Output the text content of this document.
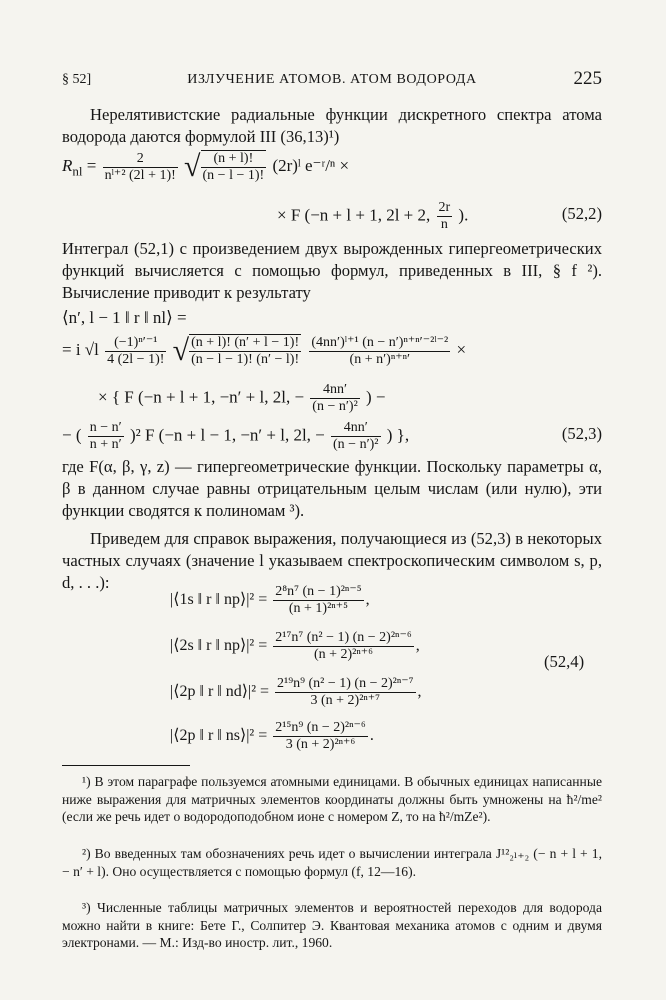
§ 52]	ИЗЛУЧЕНИЕ АТОМОВ. АТОМ ВОДОРОДА	225
Нерелятивистские радиальные функции дискретного спектра атома водорода даются формулой III (36,13)¹)
$R_{nl} = \frac{2}{\text{nˡ⁺² (2l + 1)!}}$ √ $\frac{(n + l)!}{(n - l - 1)!}$ (2r)ˡ e⁻ʳ/ⁿ ×
× F (−n + l + 1, 2l + 2, $\frac{2r}{n}$ ).	(52,2)
Интеграл (52,1) с произведением двух вырожденных гипергеометрических функций вычисляется с помощью формул, приведенных в III, § f ²). Вычисление приводит к результату
⟨n′, l − 1 ‖ r ‖ nl⟩ =
= i $√l \frac{\text{(−1)ⁿ′⁻¹}}{4 (2l - 1)!}$ √ $\frac{(n + l)! (n' + l - 1)!}{(n - l - 1)! (n' - l)!}$
$\frac{\text{(4nn′)ˡ⁺¹ (n − n′)ⁿ⁺ⁿ′⁻²ˡ⁻²}}{\text{(n + n′)ⁿ⁺ⁿ′}}$ ×
× { F (−n + l + 1, −n′ + l, 2l, − $\frac{4nn'}{\text{(n − n′)²}}$ ) −
− ( $\frac{n - n'}{n + n'} )^2$ F (−n + l − 1, −n′ + l, 2l, − $\frac{4nn'}{\text{(n − n′)²}}$ ) },	(52,3)
где F(α, β, γ, z) — гипергеометрические функции. Поскольку параметры α, β в данном случае равны отрицательным целым числам (или нулю), эти функции сводятся к полиномам ³).
Приведем для справок выражения, получающиеся из (52,3) в некоторых частных случаях (значение l указываем спектроскопическим символом s, p, d, . . .):
|⟨1s ‖ r ‖ np⟩|² = $\frac{\text{2⁸n⁷ (n − 1)²ⁿ⁻⁵}}{\text{(n + 1)²ⁿ⁺⁵}}$ ,
|⟨2s ‖ r ‖ np⟩|² = $\frac{\text{2¹⁷n⁷ (n² − 1) (n − 2)²ⁿ⁻⁶}}{\text{(n + 2)²ⁿ⁺⁶}}$ ,
|⟨2p ‖ r ‖ nd⟩|² = $\frac{\text{2¹⁹n⁹ (n² − 1) (n − 2)²ⁿ⁻⁷}}{\text{3 (n + 2)²ⁿ⁺⁷}}$ ,
|⟨2p ‖ r ‖ ns⟩|² = $\frac{\text{2¹⁵n⁹ (n − 2)²ⁿ⁻⁶}}{\text{3 (n + 2)²ⁿ⁺⁶}}$ .
(52,4)
¹) В этом параграфе пользуемся атомными единицами. В обычных единицах написанные ниже выражения для матричных элементов координаты должны быть умножены на ħ²/me² (если же речь идет о водородоподобном ионе с номером Z, то на ħ²/mZe²).
²) Во введенных там обозначениях речь идет о вычислении интеграла J¹²₂ₗ₊₂ (− n + l + 1, − n′ + l). Оно осуществляется с помощью формул (f, 12—16).
³) Численные таблицы матричных элементов и вероятностей переходов для водорода можно найти в книге: Бете Г., Солпитер Э. Квантовая механика атомов с одним и двумя электронами. — М.: Изд-во иностр. лит., 1960.
